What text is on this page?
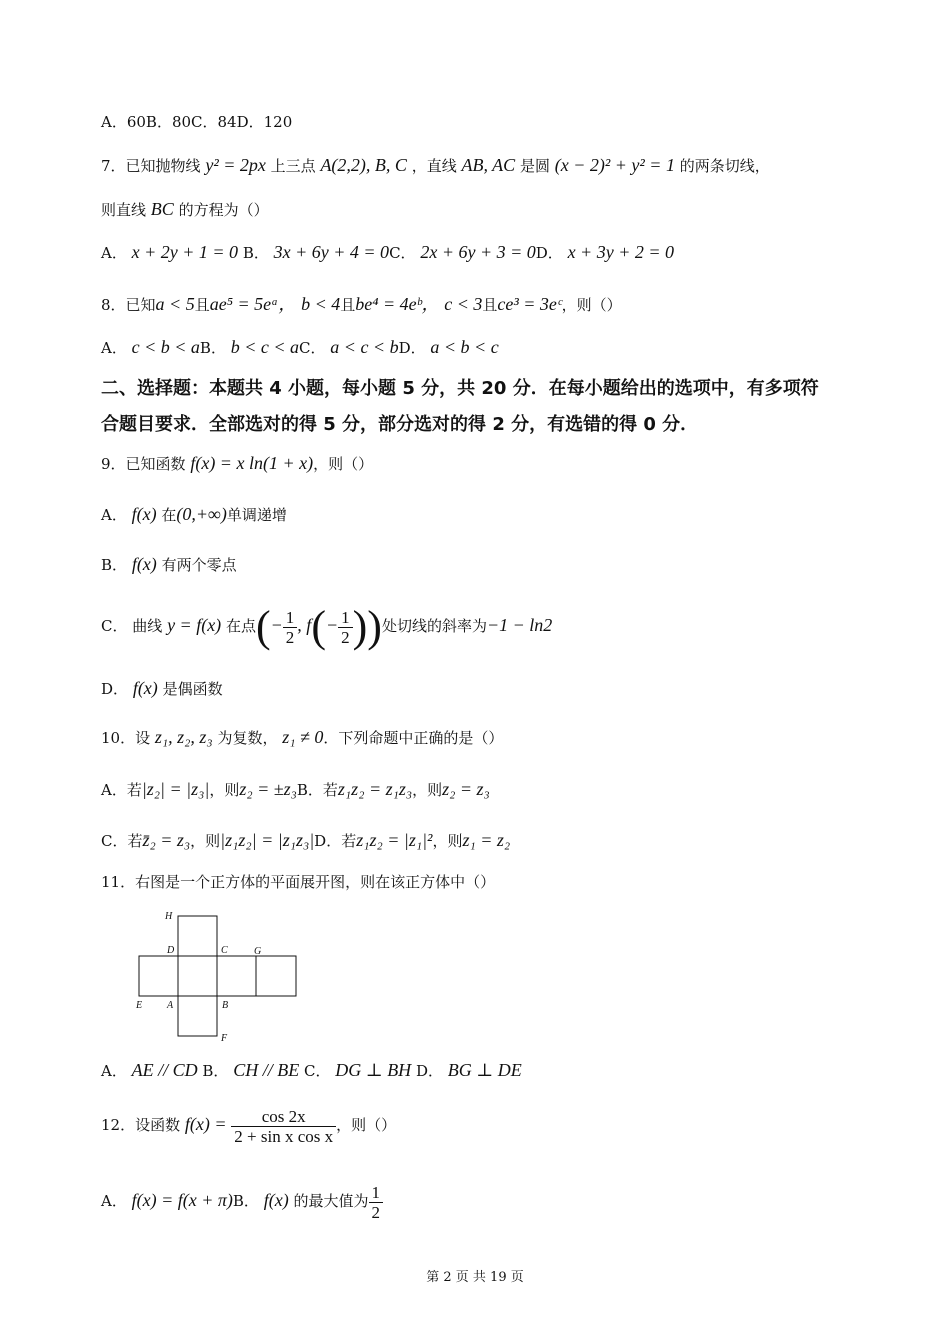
A．60B．80C．84D．120
7．已知抛物线 y² = 2px 上三点 A(2,2), B, C ，直线 AB, AC 是圆 (x − 2)² + y² = 1 的两条切线，
则直线 BC 的方程为（）
A． x + 2y + 1 = 0 B． 3x + 6y + 4 = 0C． 2x + 6y + 3 = 0D． x + 3y + 2 = 0
8．已知a < 5且ae⁵ = 5eᵃ， b < 4且be⁴ = 4eᵇ， c < 3且ce³ = 3eᶜ，则（）
A． c < b < aB． b < c < aC． a < c < bD． a < b < c
二、选择题：本题共 4 小题，每小题 5 分，共 20 分．在每小题给出的选项中，有多项符
合题目要求．全部选对的得 5 分，部分选对的得 2 分，有选错的得 0 分．
9．已知函数 f(x) = x ln(1 + x)，则（）
A． f(x) 在(0,+∞)单调递增
B． f(x) 有两个零点
C． 曲线 y = f(x) 在点(− $\frac{1}{2}$ , $f(- \frac{1}{2}$ ))处切线的斜率为−1 − ln2
D． f(x) 是偶函数
10．设 z₁, z₂, z₃ 为复数， z₁ ≠ 0．下列命题中正确的是（）
A．若|z₂| = |z₃|，则z₂ = ±z₃B．若z₁z₂ = z₁z₃，则z₂ = z₃
C．若z̄₂ = z₃，则|z₁z₂| = |z₁z₃|D．若z₁z₂ = |z₁|²，则z₁ = z₂
11．右图是一个正方体的平面展开图，则在该正方体中（）
H
D	C	G
E A	B
F
A． AE // CD B． CH // BE C． DG ⊥ BH D． BG ⊥ DE
12．设函数 $f(x) = \frac{\cos 2x}{\text{2 + sin x cos x}}$ ，则（）
A． f(x) = f(x + π)B． f(x) 的最大值为 $\frac{1}{2}$
第 2 页 共 19 页
